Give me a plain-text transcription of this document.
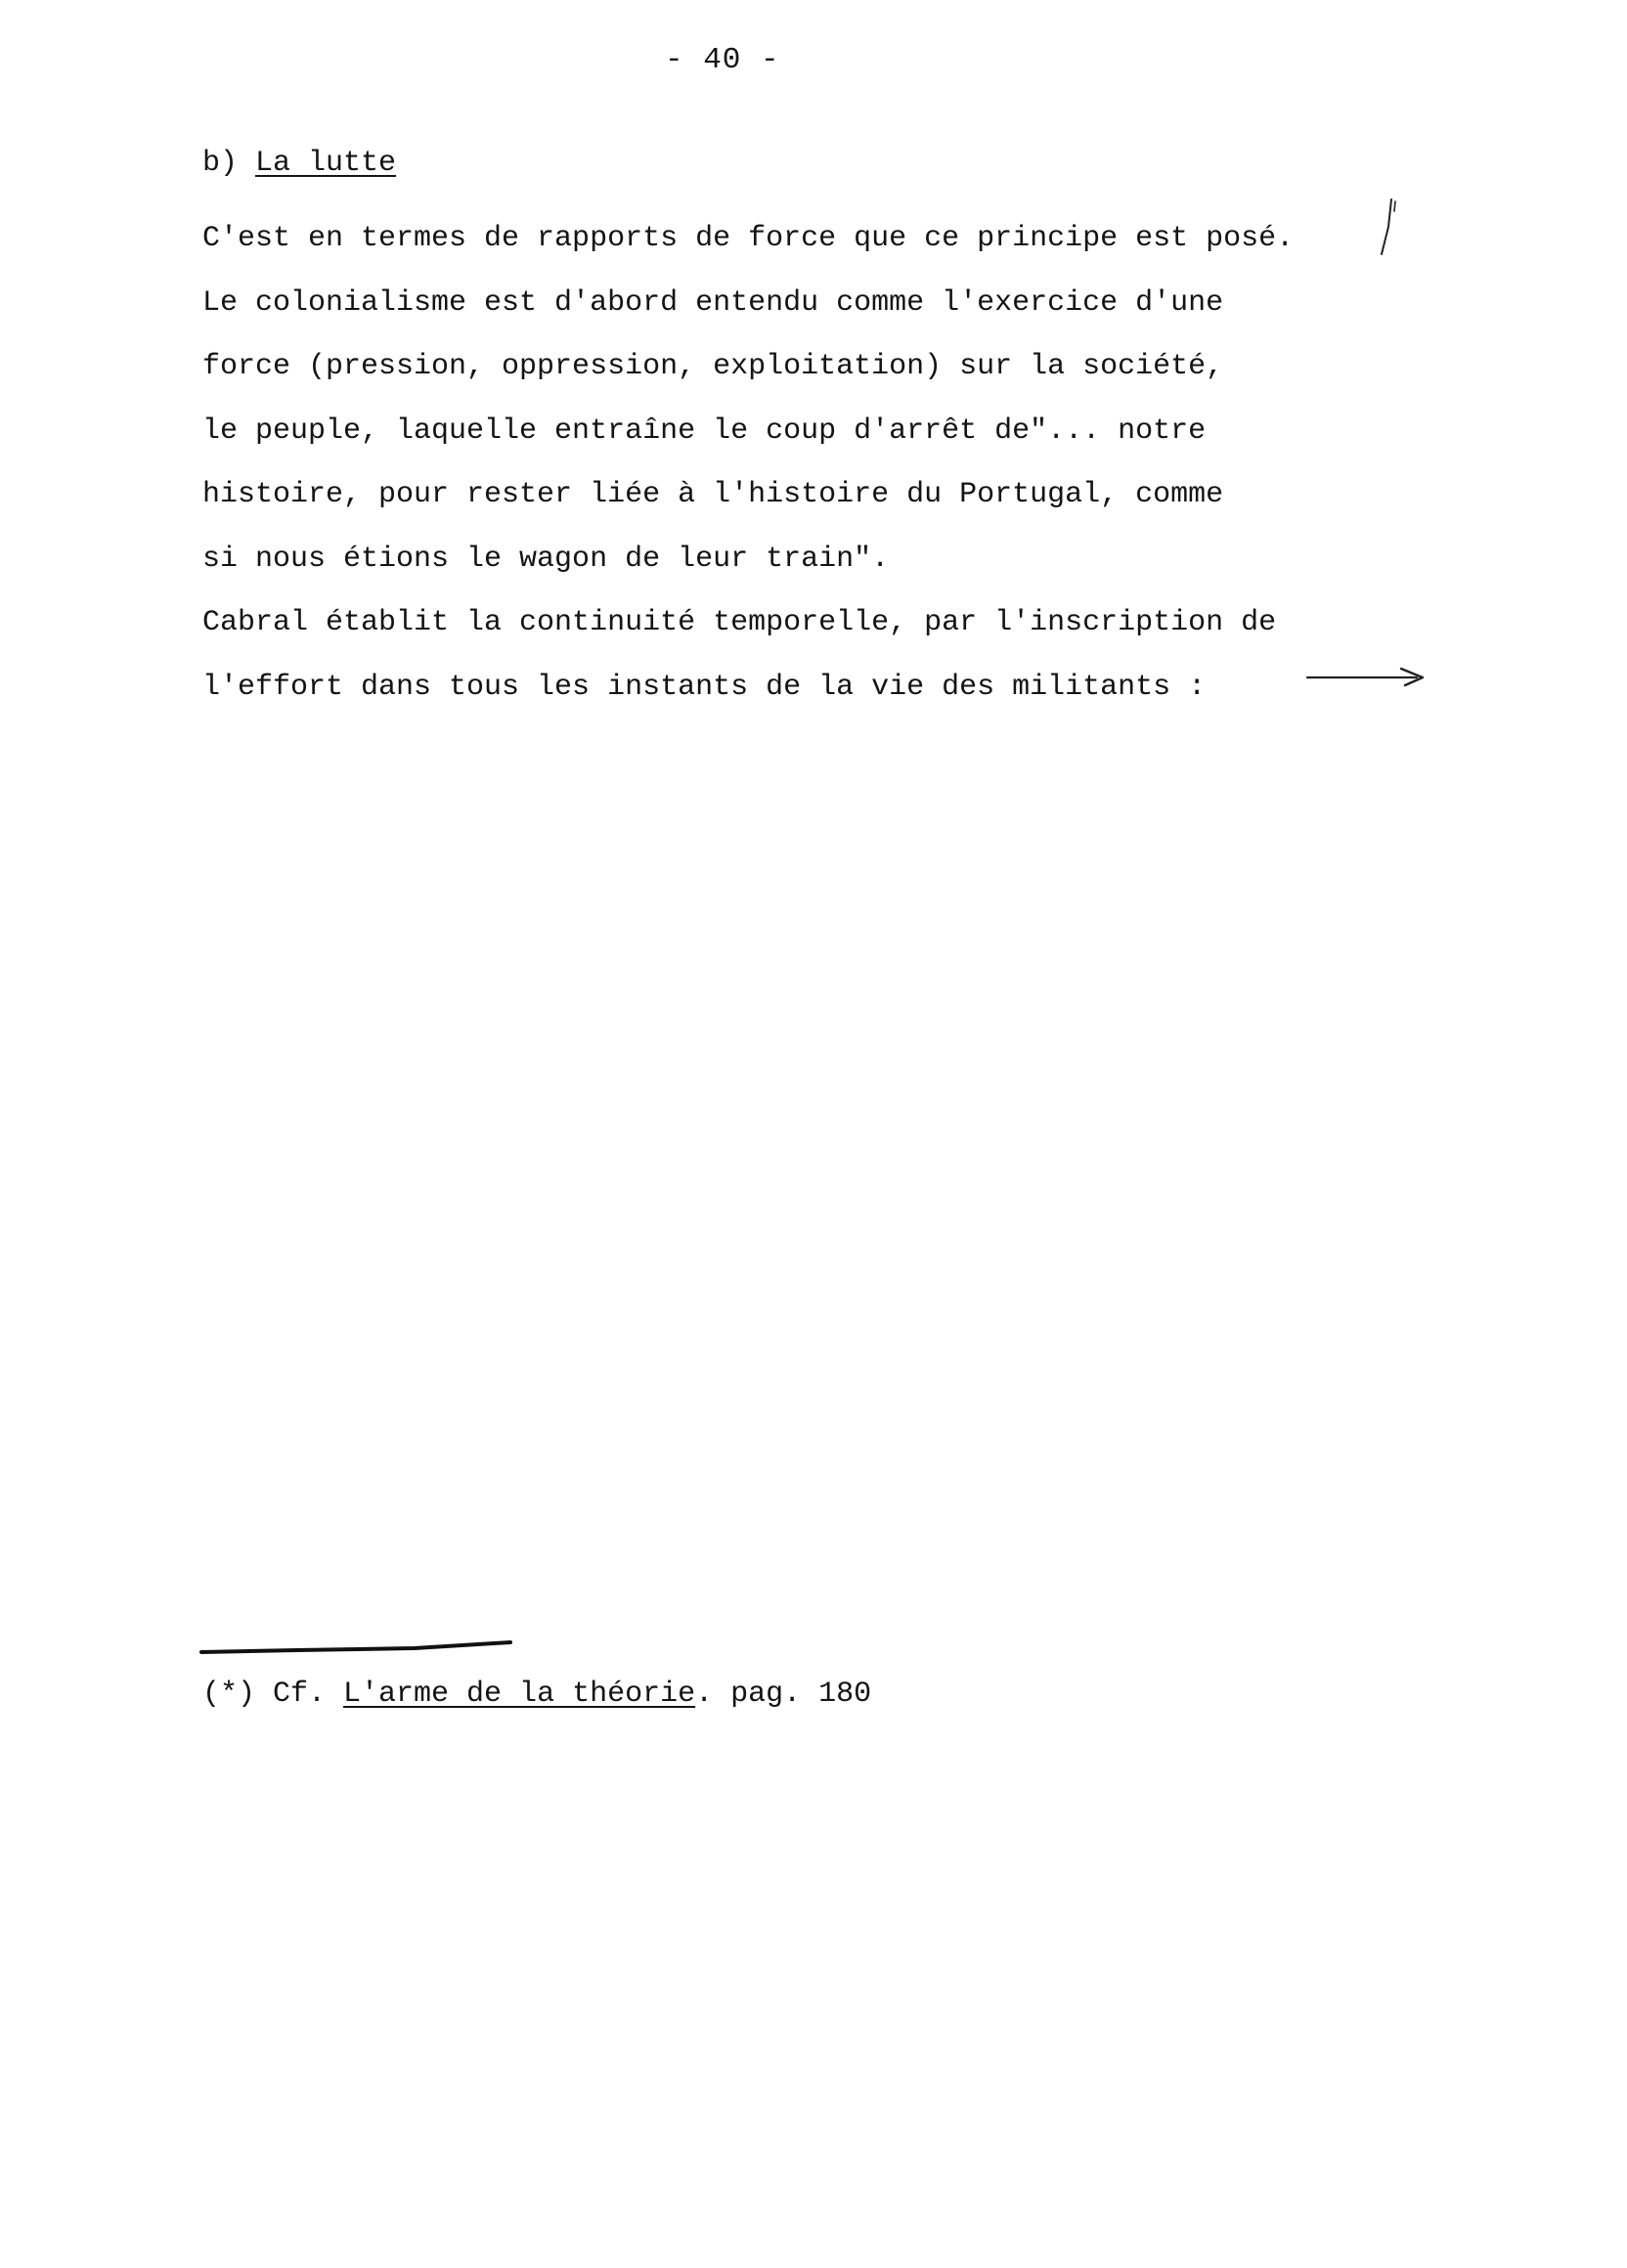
- 40 -
b) La lutte
C'est en termes de rapports de force que ce principe est posé.
Le colonialisme est d'abord entendu comme l'exercice d'une
force (pression, oppression, exploitation) sur la société,
le peuple, laquelle entraîne le coup d'arrêt de"... notre
histoire, pour rester liée à l'histoire du Portugal, comme
si nous étions le wagon de leur train".
Cabral établit la continuité temporelle, par l'inscription de
l'effort dans tous les instants de la vie des militants :
(*) Cf. L'arme de la théorie. pag. 180
